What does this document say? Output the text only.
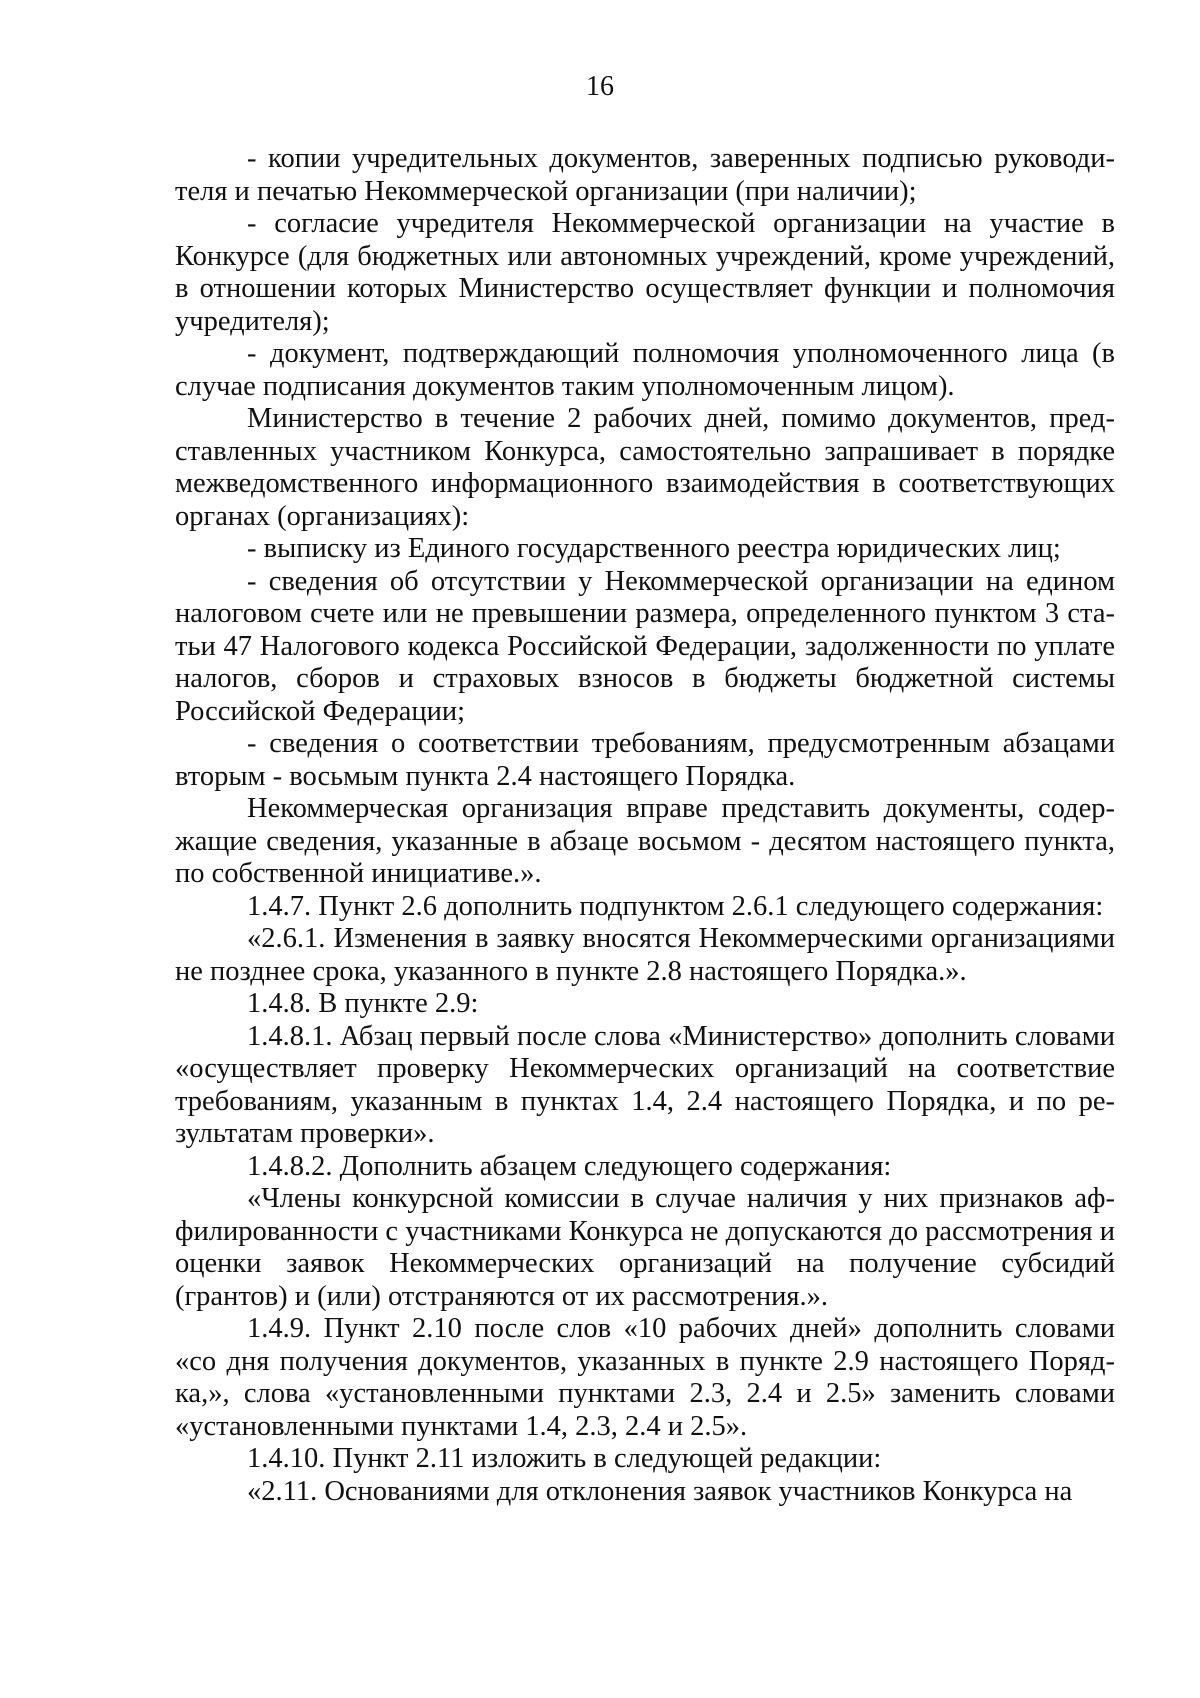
16

- копии учредительных документов, заверенных подписью руководителя и печатью Некоммерческой организации (при наличии);

- согласие учредителя Некоммерческой организации на участие в Конкурсе (для бюджетных или автономных учреждений, кроме учреждений, в отношении которых Министерство осуществляет функции и полномочия учредителя);

- документ, подтверждающий полномочия уполномоченного лица (в случае подписания документов таким уполномоченным лицом).

Министерство в течение 2 рабочих дней, помимо документов, представленных участником Конкурса, самостоятельно запрашивает в порядке межведомственного информационного взаимодействия в соответствующих органах (организациях):

- выписку из Единого государственного реестра юридических лиц;

- сведения об отсутствии у Некоммерческой организации на едином налоговом счете или не превышении размера, определенного пунктом 3 статьи 47 Налогового кодекса Российской Федерации, задолженности по уплате налогов, сборов и страховых взносов в бюджеты бюджетной системы Российской Федерации;

- сведения о соответствии требованиям, предусмотренным абзацами вторым - восьмым пункта 2.4 настоящего Порядка.

Некоммерческая организация вправе представить документы, содержащие сведения, указанные в абзаце восьмом - десятом настоящего пункта, по собственной инициативе.».

1.4.7. Пункт 2.6 дополнить подпунктом 2.6.1 следующего содержания:

«2.6.1. Изменения в заявку вносятся Некоммерческими организациями не позднее срока, указанного в пункте 2.8 настоящего Порядка.».

1.4.8. В пункте 2.9:

1.4.8.1. Абзац первый после слова «Министерство» дополнить словами «осуществляет проверку Некоммерческих организаций на соответствие требованиям, указанным в пунктах 1.4, 2.4 настоящего Порядка, и по результатам проверки».

1.4.8.2. Дополнить абзацем следующего содержания:

«Члены конкурсной комиссии в случае наличия у них признаков аффилированности с участниками Конкурса не допускаются до рассмотрения и оценки заявок Некоммерческих организаций на получение субсидий (грантов) и (или) отстраняются от их рассмотрения.».

1.4.9. Пункт 2.10 после слов «10 рабочих дней» дополнить словами «со дня получения документов, указанных в пункте 2.9 настоящего Порядка,», слова «установленными пунктами 2.3, 2.4 и 2.5» заменить словами «установленными пунктами 1.4, 2.3, 2.4 и 2.5».

1.4.10. Пункт 2.11 изложить в следующей редакции:

«2.11. Основаниями для отклонения заявок участников Конкурса на
